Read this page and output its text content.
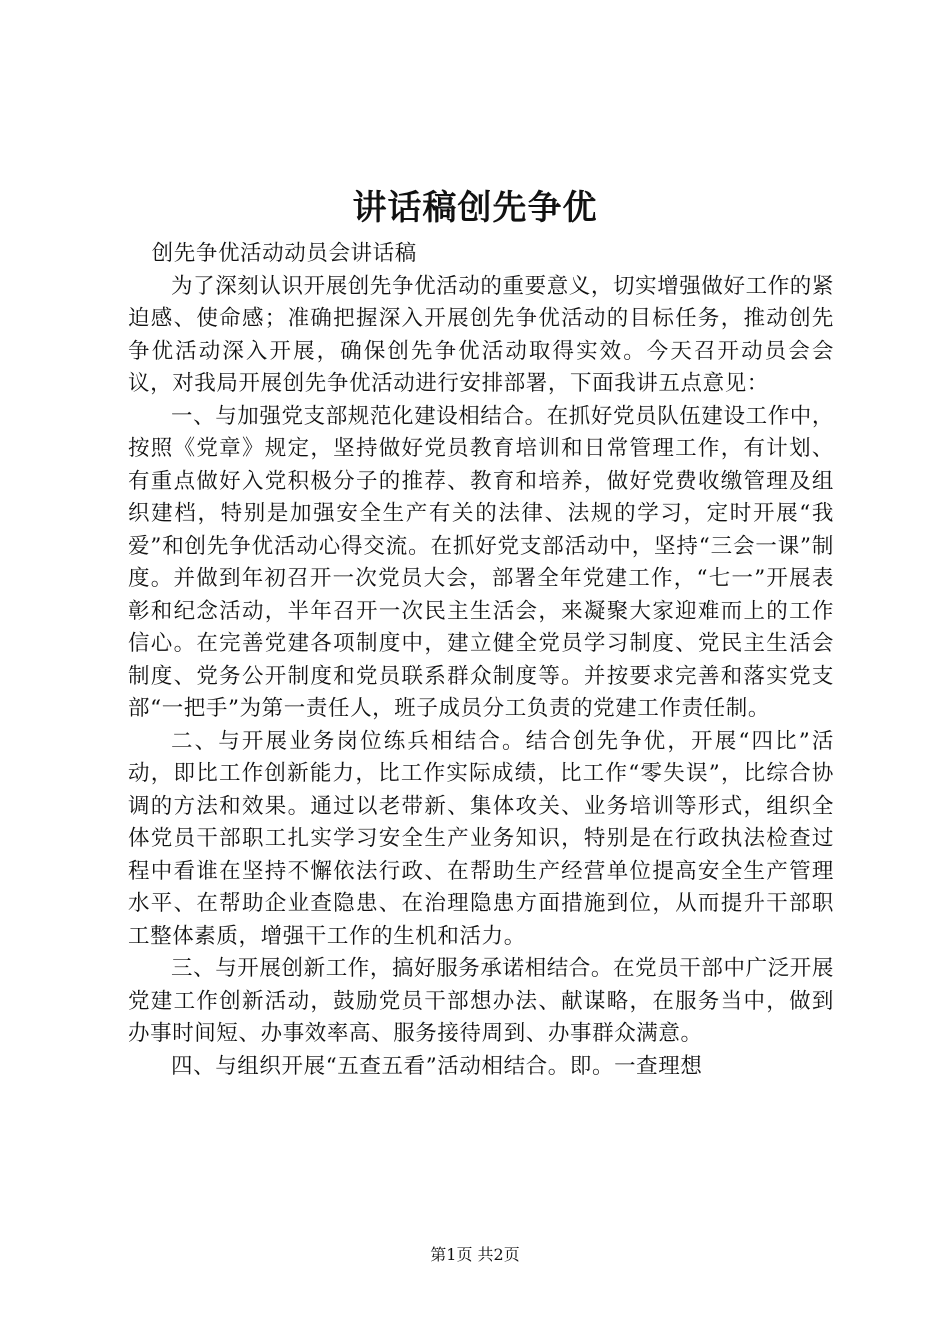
讲话稿创先争优

创先争优活动动员会讲话稿

为了深刻认识开展创先争优活动的重要意义，切实增强做好工作的紧迫感、使命感；准确把握深入开展创先争优活动的目标任务，推动创先争优活动深入开展，确保创先争优活动取得实效。今天召开动员会会议，对我局开展创先争优活动进行安排部署，下面我讲五点意见：

一、与加强党支部规范化建设相结合。在抓好党员队伍建设工作中，按照《党章》规定，坚持做好党员教育培训和日常管理工作，有计划、有重点做好入党积极分子的推荐、教育和培养，做好党费收缴管理及组织建档，特别是加强安全生产有关的法律、法规的学习，定时开展“我爱”和创先争优活动心得交流。在抓好党支部活动中，坚持“三会一课”制度。并做到年初召开一次党员大会，部署全年党建工作，“七一”开展表彰和纪念活动，半年召开一次民主生活会，来凝聚大家迎难而上的工作信心。在完善党建各项制度中，建立健全党员学习制度、党民主生活会制度、党务公开制度和党员联系群众制度等。并按要求完善和落实党支部“一把手”为第一责任人，班子成员分工负责的党建工作责任制。

二、与开展业务岗位练兵相结合。结合创先争优，开展“四比”活动，即比工作创新能力，比工作实际成绩，比工作“零失误”，比综合协调的方法和效果。通过以老带新、集体攻关、业务培训等形式，组织全体党员干部职工扎实学习安全生产业务知识，特别是在行政执法检查过程中看谁在坚持不懈依法行政、在帮助生产经营单位提高安全生产管理水平、在帮助企业查隐患、在治理隐患方面措施到位，从而提升干部职工整体素质，增强干工作的生机和活力。

三、与开展创新工作，搞好服务承诺相结合。在党员干部中广泛开展党建工作创新活动，鼓励党员干部想办法、献谋略，在服务当中，做到办事时间短、办事效率高、服务接待周到、办事群众满意。

四、与组织开展“五查五看”活动相结合。即。一查理想

第1页 共2页
